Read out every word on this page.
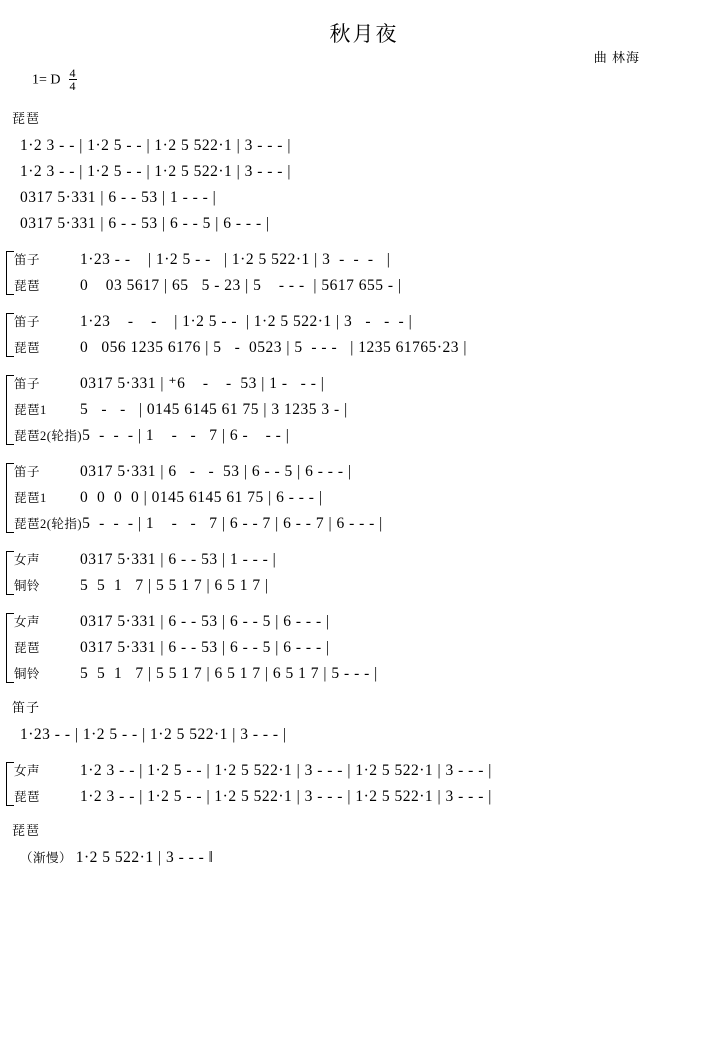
秋月夜
曲 林海
1= D $\frac{4}{4}$
琵琶
1·2 3 - - | 1·2 5 - - | 1·2 5 522·1 | 3 - - - |
1·2 3 - - | 1·2 5 - - | 1·2 5 522·1 | 3 - - - |
0317 5·331 | 6 - - 53 | 1 - - - |
0317 5·331 | 6 - - 53 | 6 - - 5 | 6 - - - |
笛子	1·23 - -    | 1·2 5 - -   | 1·2 5 522·1 | 3  -  -  -   |
琵琶	0    03 5617 | 65   5 - 23 | 5    - - -  | 5617 655 - |
笛子	1·23    -    -    | 1·2 5 - -  | 1·2 5 522·1 | 3   -   -  - |
琵琶	0   056 1235 6176 | 5   -  0523 | 5  - - -   | 1235 61765·23 |
笛子	0317 5·331 | ⁺6    -    -  53 | 1 -   - - |
琵琶1 5   -   -   | 0145 6145 61 75 | 3 1235 3 - |
琵琶2(轮指)5  -  -  - | 1    -   -   7 | 6 -    - - |
笛子	0317 5·331 | 6   -   -  53 | 6 - - 5 | 6 - - - |
琵琶1 0  0  0  0 | 0145 6145 61 75 | 6 - - - |
琵琶2(轮指)5  -  -  - | 1    -   -   7 | 6 - - 7 | 6 - - 7 | 6 - - - |
女声	0317 5·331 | 6 - - 53 | 1 - - - |
铜铃	5  5  1   7 | 5 5 1 7 | 6 5 1 7 |
女声	0317 5·331 | 6 - - 53 | 6 - - 5 | 6 - - - |
琵琶	0317 5·331 | 6 - - 53 | 6 - - 5 | 6 - - - |
铜铃	5  5  1   7 | 5 5 1 7 | 6 5 1 7 | 6 5 1 7 | 5 - - - |
笛子
1·23 - - | 1·2 5 - - | 1·2 5 522·1 | 3 - - - |
女声	1·2 3 - - | 1·2 5 - - | 1·2 5 522·1 | 3 - - - | 1·2 5 522·1 | 3 - - - |
琵琶	1·2 3 - - | 1·2 5 - - | 1·2 5 522·1 | 3 - - - | 1·2 5 522·1 | 3 - - - |
琵琶
（渐慢） 1·2 5 522·1 | 3 - - - ‖
